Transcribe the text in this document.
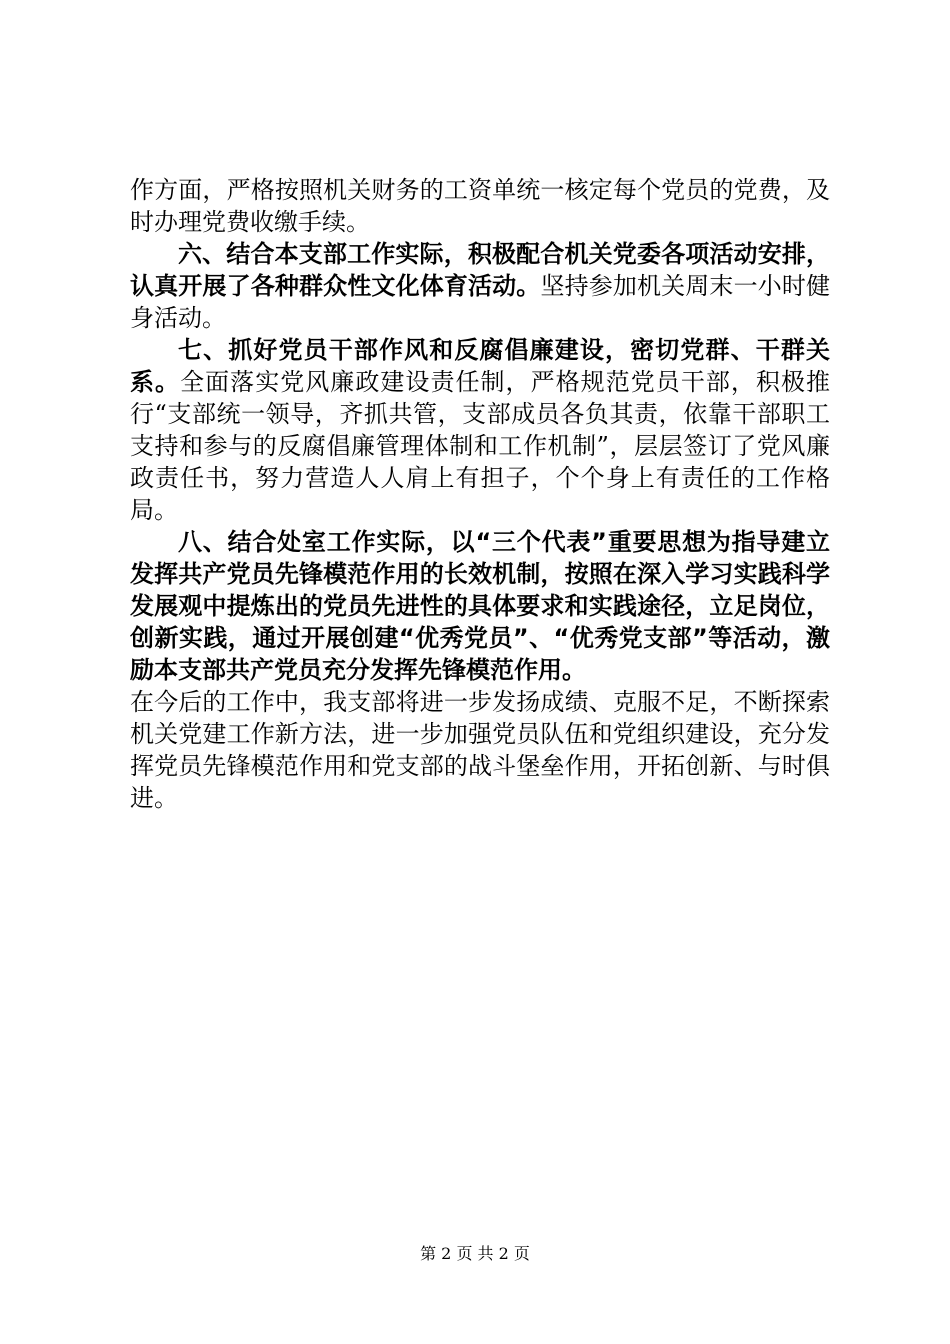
作方面，严格按照机关财务的工资单统一核定每个党员的党费，及时办理党费收缴手续。

六、结合本支部工作实际，积极配合机关党委各项活动安排，认真开展了各种群众性文化体育活动。坚持参加机关周末一小时健身活动。

七、抓好党员干部作风和反腐倡廉建设，密切党群、干群关系。全面落实党风廉政建设责任制，严格规范党员干部，积极推行“支部统一领导，齐抓共管，支部成员各负其责，依靠干部职工支持和参与的反腐倡廉管理体制和工作机制”，层层签订了党风廉政责任书，努力营造人人肩上有担子，个个身上有责任的工作格局。

八、结合处室工作实际，以“三个代表”重要思想为指导建立发挥共产党员先锋模范作用的长效机制，按照在深入学习实践科学发展观中提炼出的党员先进性的具体要求和实践途径，立足岗位，创新实践，通过开展创建“优秀党员”、“优秀党支部”等活动，激励本支部共产党员充分发挥先锋模范作用。

在今后的工作中，我支部将进一步发扬成绩、克服不足，不断探索机关党建工作新方法，进一步加强党员队伍和党组织建设，充分发挥党员先锋模范作用和党支部的战斗堡垒作用，开拓创新、与时俱进。

第 2 页 共 2 页
